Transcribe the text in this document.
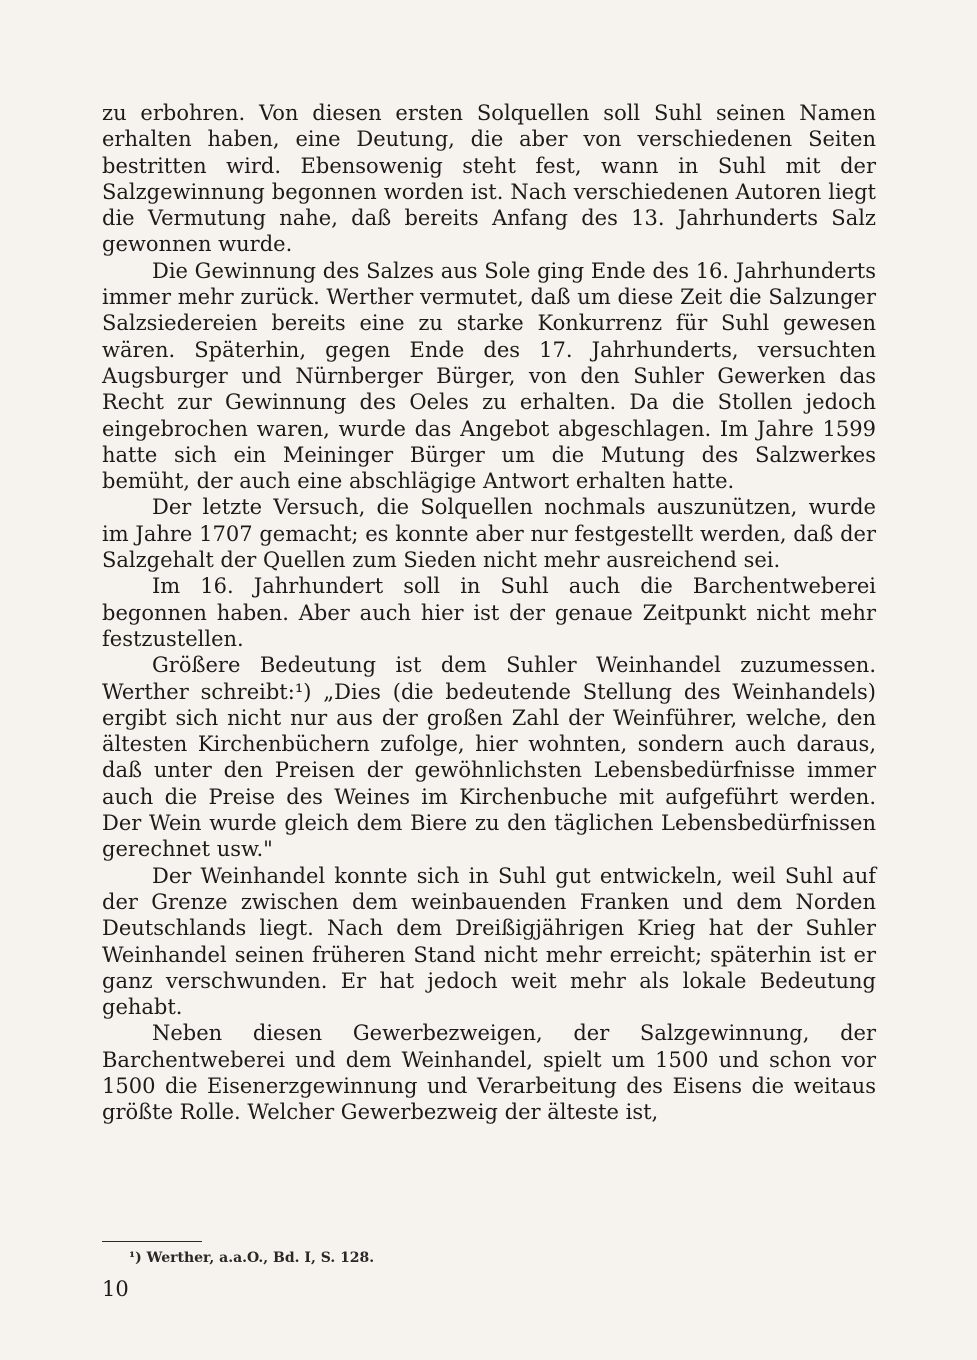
zu erbohren. Von diesen ersten Solquellen soll Suhl seinen Namen erhalten haben, eine Deutung, die aber von verschiedenen Seiten bestritten wird. Ebensowenig steht fest, wann in Suhl mit der Salzgewinnung begonnen worden ist. Nach verschiedenen Autoren liegt die Vermutung nahe, daß bereits Anfang des 13. Jahrhunderts Salz gewonnen wurde.

Die Gewinnung des Salzes aus Sole ging Ende des 16. Jahrhunderts immer mehr zurück. Werther vermutet, daß um diese Zeit die Salzunger Salzsiedereien bereits eine zu starke Konkurrenz für Suhl gewesen wären. Späterhin, gegen Ende des 17. Jahrhunderts, versuchten Augsburger und Nürnberger Bürger, von den Suhler Gewerken das Recht zur Gewinnung des Oeles zu erhalten. Da die Stollen jedoch eingebrochen waren, wurde das Angebot abgeschlagen. Im Jahre 1599 hatte sich ein Meininger Bürger um die Mutung des Salzwerkes bemüht, der auch eine abschlägige Antwort erhalten hatte.

Der letzte Versuch, die Solquellen nochmals auszunützen, wurde im Jahre 1707 gemacht; es konnte aber nur festgestellt werden, daß der Salzgehalt der Quellen zum Sieden nicht mehr ausreichend sei.

Im 16. Jahrhundert soll in Suhl auch die Barchentweberei begonnen haben. Aber auch hier ist der genaue Zeitpunkt nicht mehr festzustellen.

Größere Bedeutung ist dem Suhler Weinhandel zuzumessen. Werther schreibt:¹) „Dies (die bedeutende Stellung des Weinhandels) ergibt sich nicht nur aus der großen Zahl der Weinführer, welche, den ältesten Kirchenbüchern zufolge, hier wohnten, sondern auch daraus, daß unter den Preisen der gewöhnlichsten Lebensbedürfnisse immer auch die Preise des Weines im Kirchenbuche mit aufgeführt werden. Der Wein wurde gleich dem Biere zu den täglichen Lebensbedürfnissen gerechnet usw."

Der Weinhandel konnte sich in Suhl gut entwickeln, weil Suhl auf der Grenze zwischen dem weinbauenden Franken und dem Norden Deutschlands liegt. Nach dem Dreißigjährigen Krieg hat der Suhler Weinhandel seinen früheren Stand nicht mehr erreicht; späterhin ist er ganz verschwunden. Er hat jedoch weit mehr als lokale Bedeutung gehabt.

Neben diesen Gewerbezweigen, der Salzgewinnung, der Barchentweberei und dem Weinhandel, spielt um 1500 und schon vor 1500 die Eisenerzgewinnung und Verarbeitung des Eisens die weitaus größte Rolle. Welcher Gewerbezweig der älteste ist,

¹) Werther, a.a.O., Bd. I, S. 128.
10
